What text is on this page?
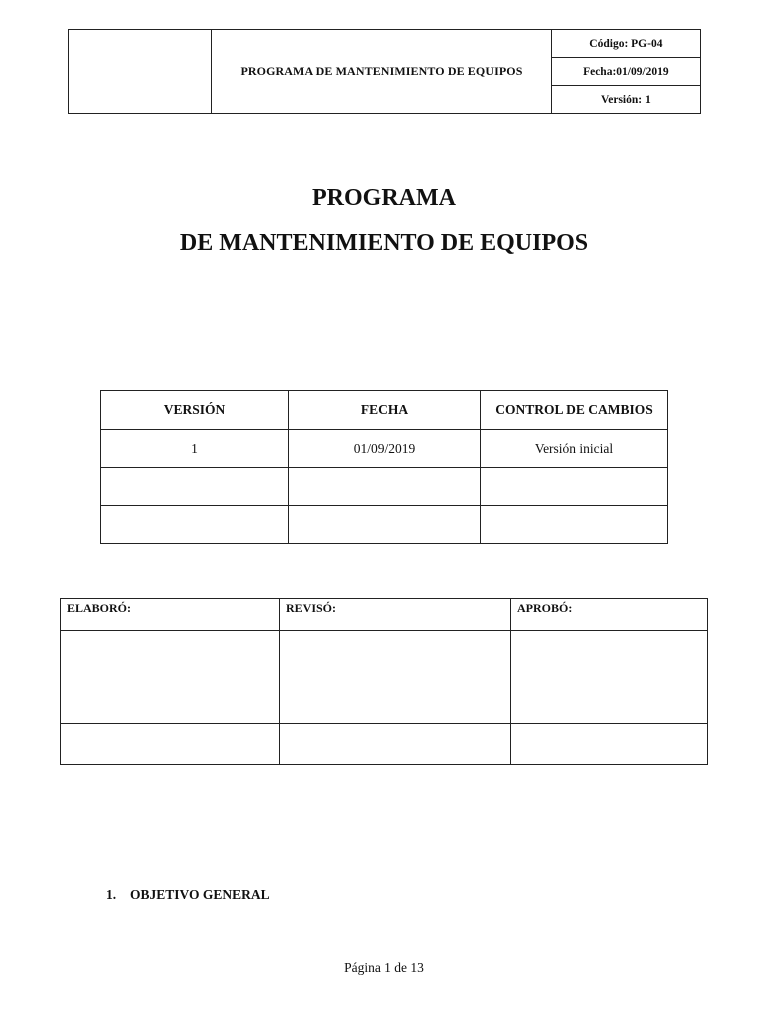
	PROGRAMA DE MANTENIMIENTO DE EQUIPOS	Código: PG-04
Fecha:01/09/2019
Versión: 1
PROGRAMA
DE MANTENIMIENTO DE EQUIPOS
VERSIÓN	FECHA	CONTROL DE CAMBIOS
1	01/09/2019	Versión inicial

ELABORÓ:	REVISÓ:	APROBÓ:

1. OBJETIVO GENERAL
Página 1 de 13
